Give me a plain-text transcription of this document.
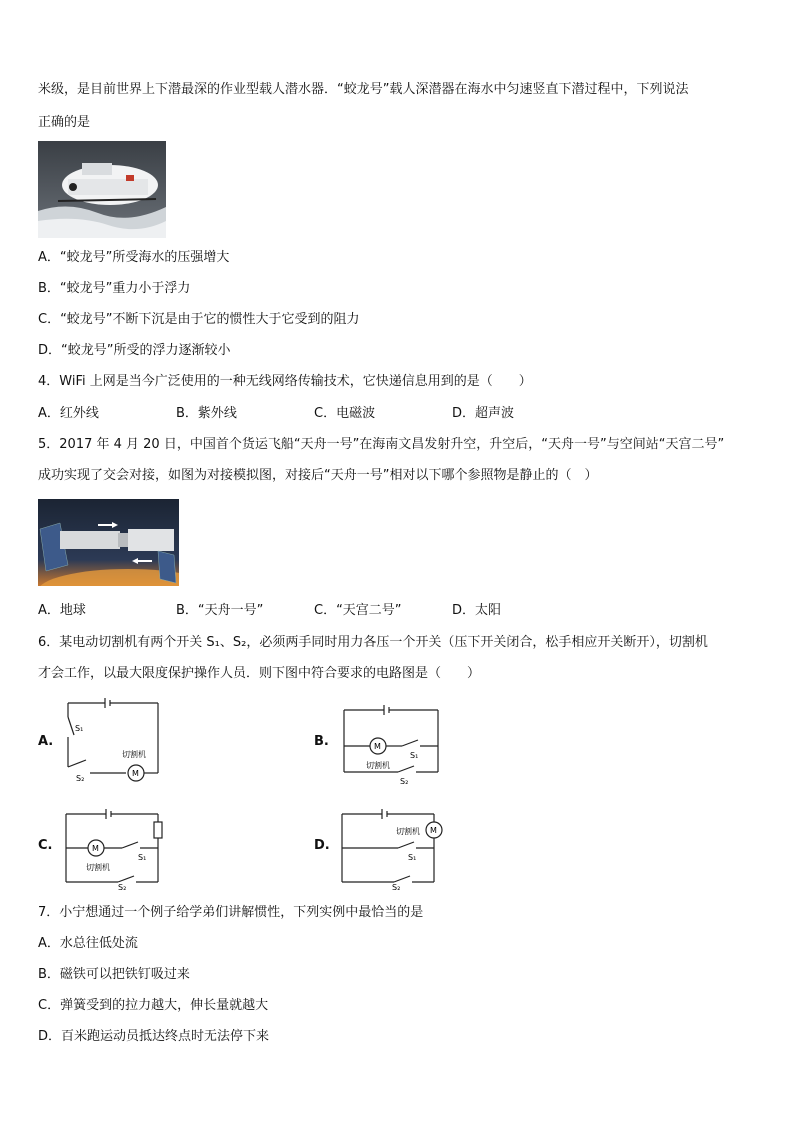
米级，是目前世界上下潜最深的作业型载人潜水器．“蛟龙号”载人深潜器在海水中匀速竖直下潜过程中，下列说法
正确的是
A．“蛟龙号”所受海水的压强增大
B．“蛟龙号”重力小于浮力
C．“蛟龙号”不断下沉是由于它的惯性大于它受到的阻力
D．“蛟龙号”所受的浮力逐渐较小
4．WiFi 上网是当今广泛使用的一种无线网络传输技术，它快递信息用到的是（　　）
A．红外线	B．紫外线	C．电磁波	D．超声波
5．2017 年 4 月 20 日，中国首个货运飞船“天舟一号”在海南文昌发射升空，升空后，“天舟一号”与空间站“天宫二号”
成功实现了交会对接，如图为对接模拟图，对接后“天舟一号”相对以下哪个参照物是静止的（　）
A．地球	B．“天舟一号”	C．“天宫二号”	D．太阳
6．某电动切割机有两个开关 S₁、S₂，必须两手同时用力各压一个开关（压下开关闭合，松手相应开关断开），切割机
才会工作，以最大限度保护操作人员．则下图中符合要求的电路图是（　　）
A.
S₁
S₂
M
切割机
B.	M
S₁
切割机
S₂
C.	M
S₁
切割机
S₂
D.
M
切割机
S₁
S₂
7．小宁想通过一个例子给学弟们讲解惯性，下列实例中最恰当的是
A．水总往低处流
B．磁铁可以把铁钉吸过来
C．弹簧受到的拉力越大，伸长量就越大
D．百米跑运动员抵达终点时无法停下来
